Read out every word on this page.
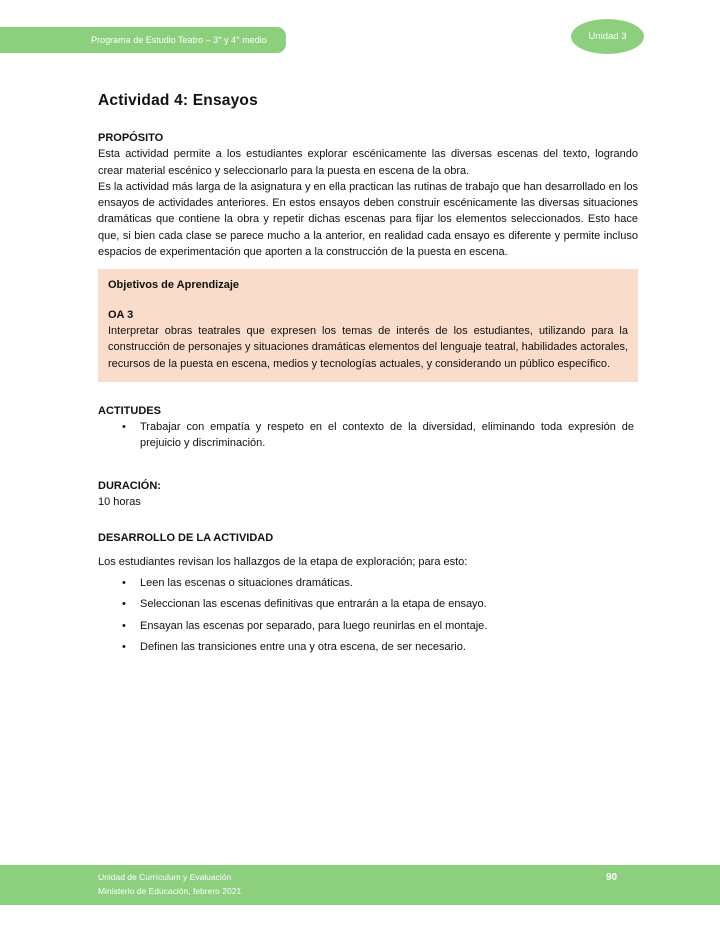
Programa de Estudio Teatro – 3° y 4° medio	Unidad 3
Actividad 4: Ensayos
PROPÓSITO

Esta actividad permite a los estudiantes explorar escénicamente las diversas escenas del texto, logrando crear material escénico y seleccionarlo para la puesta en escena de la obra.

Es la actividad más larga de la asignatura y en ella practican las rutinas de trabajo que han desarrollado en los ensayos de actividades anteriores. En estos ensayos deben construir escénicamente las diversas situaciones dramáticas que contiene la obra y repetir dichas escenas para fijar los elementos seleccionados. Esto hace que, si bien cada clase se parece mucho a la anterior, en realidad cada ensayo es diferente y permite incluso espacios de experimentación que aporten a la construcción de la puesta en escena.

Objetivos de Aprendizaje
OA 3

Interpretar obras teatrales que expresen los temas de interés de los estudiantes, utilizando para la construcción de personajes y situaciones dramáticas elementos del lenguaje teatral, habilidades actorales, recursos de la puesta en escena, medios y tecnologías actuales, y considerando un público específico.

ACTITUDES
•	Trabajar con empatía y respeto en el contexto de la diversidad, eliminando toda expresión de prejuicio y discriminación.
DURACIÓN:
10 horas
DESARROLLO DE LA ACTIVIDAD

Los estudiantes revisan los hallazgos de la etapa de exploración; para esto:

•	Leen las escenas o situaciones dramáticas.
•	Seleccionan las escenas definitivas que entrarán a la etapa de ensayo.
•	Ensayan las escenas por separado, para luego reunirlas en el montaje.
•	Definen las transiciones entre una y otra escena, de ser necesario.
Unidad de Currículum y Evaluación
Ministerio de Educación, febrero 2021
90
